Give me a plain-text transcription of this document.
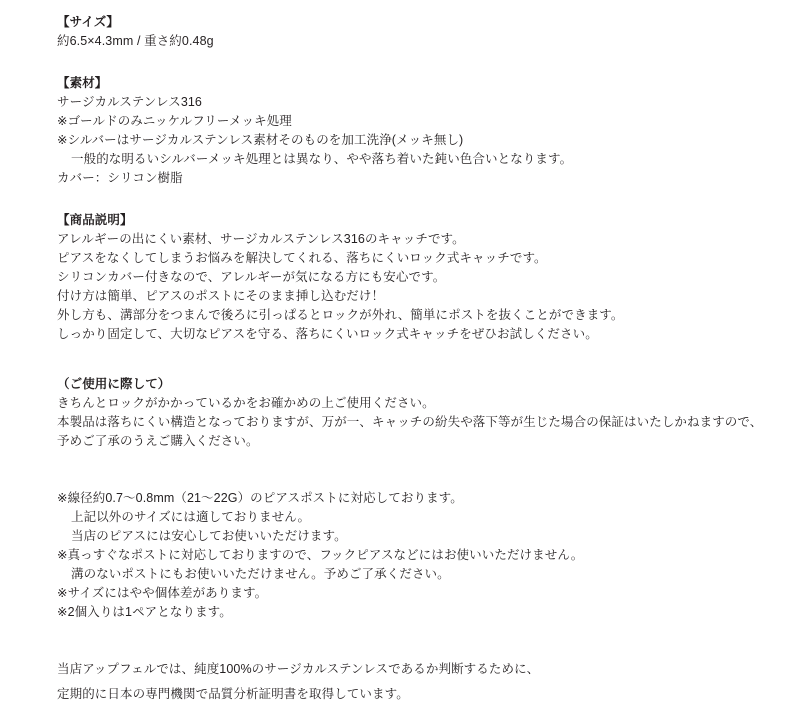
【サイズ】
約6.5×4.3mm / 重さ約0.48g
【素材】
サージカルステンレス316
※ゴールドのみニッケルフリーメッキ処理
※シルバーはサージカルステンレス素材そのものを加工洗浄(メッキ無し)
一般的な明るいシルバーメッキ処理とは異なり、やや落ち着いた鈍い色合いとなります。
カバー：シリコン樹脂
【商品説明】
アレルギーの出にくい素材、サージカルステンレス316のキャッチです。
ピアスをなくしてしまうお悩みを解決してくれる、落ちにくいロック式キャッチです。
シリコンカバー付きなので、アレルギーが気になる方にも安心です。
付け方は簡単、ピアスのポストにそのまま挿し込むだけ！
外し方も、溝部分をつまんで後ろに引っぱるとロックが外れ、簡単にポストを抜くことができます。
しっかり固定して、大切なピアスを守る、落ちにくいロック式キャッチをぜひお試しください。
（ご使用に際して）
きちんとロックがかかっているかをお確かめの上ご使用ください。
本製品は落ちにくい構造となっておりますが、万が一、キャッチの紛失や落下等が生じた場合の保証はいたしかねますので、
予めご了承のうえご購入ください。
※線径約0.7～0.8mm（21～22G）のピアスポストに対応しております。
上記以外のサイズには適しておりません。
当店のピアスには安心してお使いいただけます。
※真っすぐなポストに対応しておりますので、フックピアスなどにはお使いいただけません。
溝のないポストにもお使いいただけません。予めご了承ください。
※サイズにはやや個体差があります。
※2個入りは1ペアとなります。
当店アップフェルでは、純度100%のサージカルステンレスであるか判断するために、
定期的に日本の専門機関で品質分析証明書を取得しています。
